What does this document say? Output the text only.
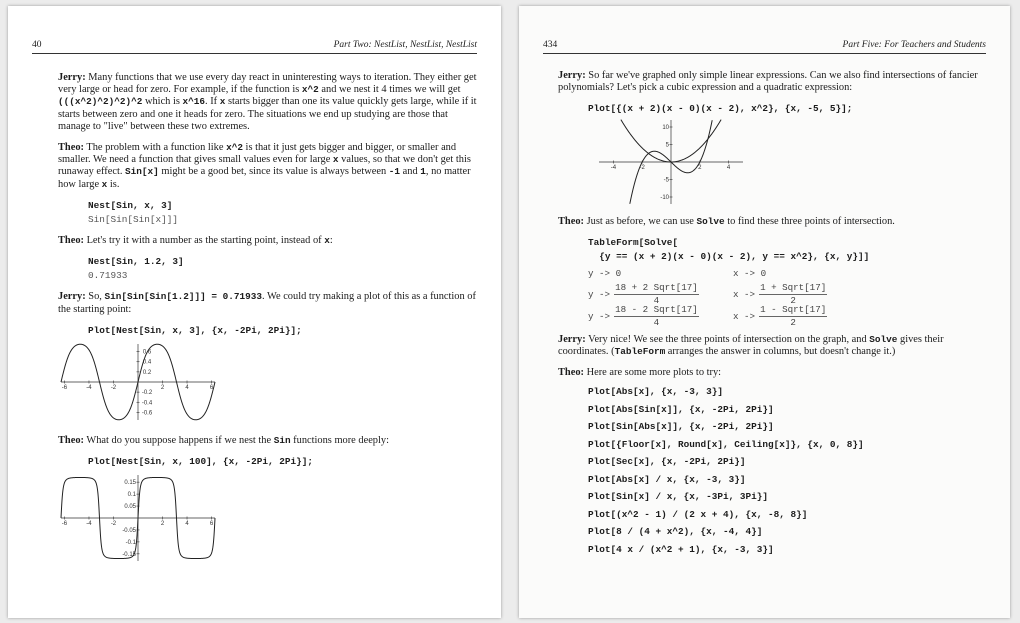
40	Part Two: NestList, NestList, NestList

Jerry: Many functions that we use every day react in uninteresting ways to iteration. They either get very large or head for zero. For example, if the function is x^2 and we nest it 4 times we will get (((x^2)^2)^2)^2 which is x^16. If x starts bigger than one its value quickly gets large, while if it starts between zero and one it heads for zero. The situations we end up studying are those that manage to "live" between these two extremes.

Theo: The problem with a function like x^2 is that it just gets bigger and bigger, or smaller and smaller. We need a function that gives small values even for large x values, so that we don't get this runaway effect. Sin[x] might be a good bet, since its value is always between -1 and 1, no matter how large x is.

Nest[Sin, x, 3]
Sin[Sin[Sin[x]]]

Theo: Let's try it with a number as the starting point, instead of x:

Nest[Sin, 1.2, 3]
0.71933

Jerry: So, Sin[Sin[Sin[1.2]]] = 0.71933. We could try making a plot of this as a function of the starting point:

Plot[Nest[Sin, x, 3], {x, -2Pi, 2Pi}];
-6	-4	-2	2	4	6
-0.6
-0.4
-0.2
0.2
0.4
0.6

Theo: What do you suppose happens if we nest the Sin functions more deeply:

Plot[Nest[Sin, x, 100], {x, -2Pi, 2Pi}];
-6	-4	-2	2	4	6
-0.15
-0.1
-0.05
0.05
0.1
0.15
434	Part Five: For Teachers and Students

Jerry: So far we've graphed only simple linear expressions. Can we also find intersections of fancier polynomials? Let's pick a cubic expression and a quadratic expression:

Plot[{(x + 2)(x - 0)(x - 2), x^2}, {x, -5, 5}];
-4	-2	2	4
-10
-5
5
10

Theo: Just as before, we can use Solve to find these three points of intersection.

TableForm[Solve[
{y == (x + 2)(x - 0)(x - 2), y == x^2}, {x, y}]]
y -> 0	x -> 0
$y -> \frac{\text{18 + 2 Sqrt[17]}}{4}$	$x -> \frac{\text{1 + Sqrt[17]}}{2}$
$y -> \frac{\text{18 - 2 Sqrt[17]}}{4}$	$x -> \frac{\text{1 - Sqrt[17]}}{2}$

Jerry: Very nice! We see the three points of intersection on the graph, and Solve gives their coordinates. (TableForm arranges the answer in columns, but doesn't change it.)

Theo: Here are some more plots to try:

Plot[Abs[x], {x, -3, 3}]
Plot[Abs[Sin[x]], {x, -2Pi, 2Pi}]
Plot[Sin[Abs[x]], {x, -2Pi, 2Pi}]
Plot[{Floor[x], Round[x], Ceiling[x]}, {x, 0, 8}]
Plot[Sec[x], {x, -2Pi, 2Pi}]
Plot[Abs[x] / x, {x, -3, 3}]
Plot[Sin[x] / x, {x, -3Pi, 3Pi}]
Plot[(x^2 - 1) / (2 x + 4), {x, -8, 8}]
Plot[8 / (4 + x^2), {x, -4, 4}]
Plot[4 x / (x^2 + 1), {x, -3, 3}]
